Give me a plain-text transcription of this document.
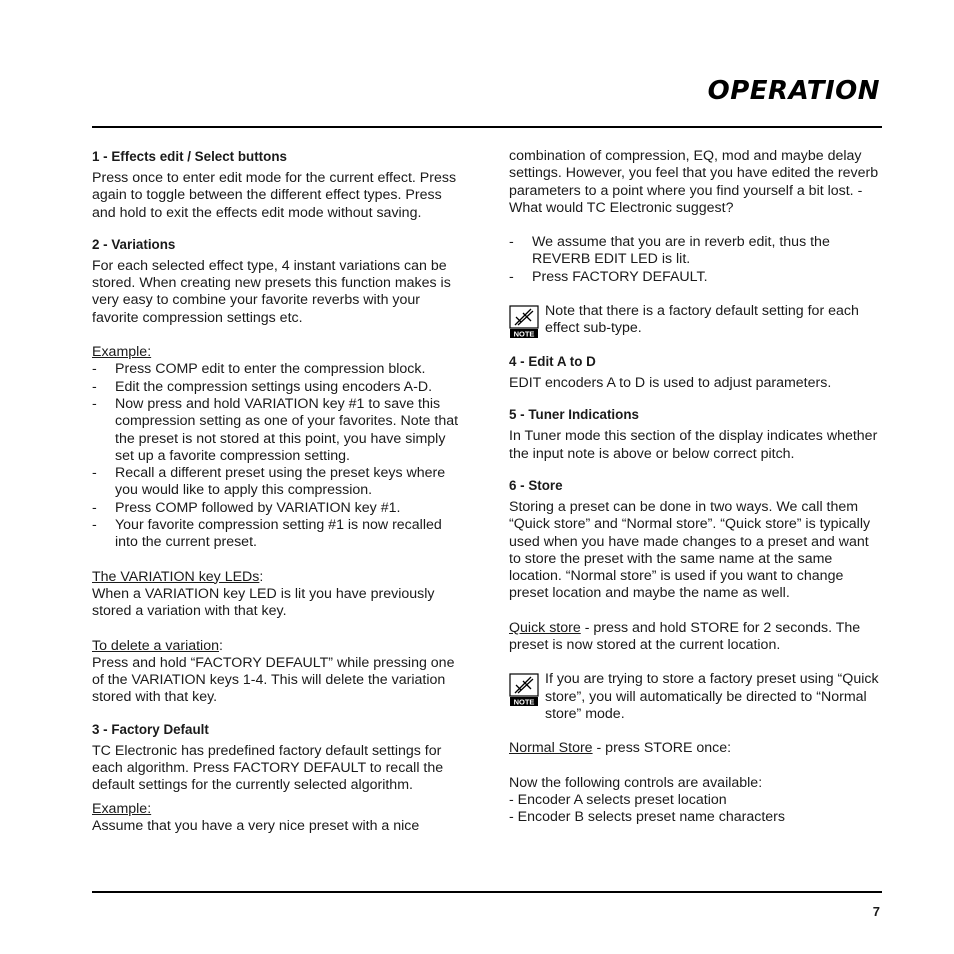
OPERATION
1 - Effects edit / Select buttons

Press once to enter edit mode for the current effect. Press again to toggle between the different effect types. Press and hold to exit the effects edit mode without saving.

2 - Variations

For each selected effect type, 4 instant variations can be stored. When creating new presets this function makes is very easy to combine your favorite reverbs with your favorite compression settings etc.

Example:

- Press COMP edit to enter the compression block.
- Edit the compression settings using encoders A-D.
- Now press and hold VARIATION key #1 to save this compression setting as one of your favorites. Note that the preset is not stored at this point, you have simply set up a favorite compression setting.
- Recall a different preset using the preset keys where you would like to apply this compression.
- Press COMP followed by VARIATION key #1.
- Your favorite compression setting #1 is now recalled into the current preset.

The VARIATION key LEDs:

When a VARIATION key LED is lit you have previously stored a variation with that key.

To delete a variation:

Press and hold “FACTORY DEFAULT” while pressing one of the VARIATION keys 1-4. This will delete the variation stored with that key.

3 - Factory Default

TC Electronic has predefined factory default settings for each algorithm. Press FACTORY DEFAULT to recall the default settings for the currently selected algorithm.

Example:

Assume that you have a very nice preset with a nice

combination of compression, EQ, mod and maybe delay settings. However, you feel that you have edited the reverb parameters to a point where you find yourself a bit lost. - What would TC Electronic suggest?

- We assume that you are in reverb edit, thus the REVERB EDIT LED is lit.
- Press FACTORY DEFAULT.
NOTE

Note that there is a factory default setting for each effect sub-type.

4 - Edit A to D

EDIT encoders A to D is used to adjust parameters.

5 - Tuner Indications

In Tuner mode this section of the display indicates whether the input note is above or below correct pitch.

6 - Store

Storing a preset can be done in two ways. We call them “Quick store” and “Normal store”. “Quick store” is typically used when you have made changes to a preset and want to store the preset with the same name at the same location. “Normal store” is used if you want to change preset location and maybe the name as well.

Quick store - press and hold STORE for 2 seconds. The preset is now stored at the current location.

NOTE

If you are trying to store a factory preset using “Quick store”, you will automatically be directed to “Normal store” mode.

Normal Store - press STORE once:

Now the following controls are available:

- Encoder A selects preset location

- Encoder B selects preset name characters

7
